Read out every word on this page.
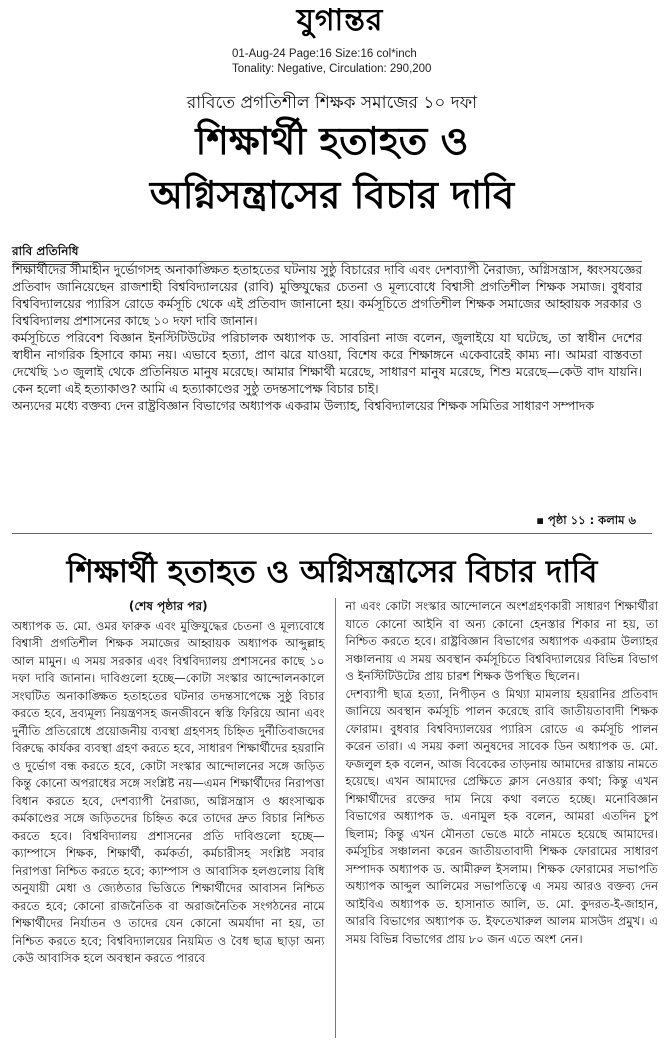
যুগান্তর
01-Aug-24 Page:16 Size:16 col*inch
Tonality: Negative, Circulation: 290,200
রাবিতে প্রগতিশীল শিক্ষক সমাজের ১০ দফা
শিক্ষার্থী হতাহত ও
অগ্নিসন্ত্রাসের বিচার দাবি
রাবি প্রতিনিধি

শিক্ষার্থীদের সীমাহীন দুর্ভোগসহ অনাকাঙ্ক্ষিত হতাহতের ঘটনায় সুষ্ঠু বিচারের দাবি এবং দেশব্যাপী নৈরাজ্য, অগ্নিসন্ত্রাস, ধ্বংসযজ্ঞের প্রতিবাদ জানিয়েছেন রাজশাহী বিশ্ববিদ্যালয়ের (রাবি) মুক্তিযুদ্ধের চেতনা ও মূল্যবোধে বিশ্বাসী প্রগতিশীল শিক্ষক সমাজ। বুধবার বিশ্ববিদ্যালয়ের প্যারিস রোডে কর্মসূচি থেকে এই প্রতিবাদ জানানো হয়। কর্মসূচিতে প্রগতিশীল শিক্ষক সমাজের আহ্বায়ক সরকার ও বিশ্ববিদ্যালয় প্রশাসনের কাছে ১০ দফা দাবি জানান।

কর্মসূচিতে পরিবেশ বিজ্ঞান ইনস্টিটিউটের পরিচালক অধ্যাপক ড. সাবরিনা নাজ বলেন, জুলাইয়ে যা ঘটেছে, তা স্বাধীন দেশের স্বাধীন নাগরিক হিসাবে কাম্য নয়। এভাবে হত্যা, প্রাণ ঝরে যাওয়া, বিশেষ করে শিক্ষাঙ্গনে একেবারেই কাম্য না। আমরা বাস্তবতা দেখেছি ১৩ জুলাই থেকে প্রতিনিয়ত মানুষ মরেছে। আমার শিক্ষার্থী মরেছে, সাধারণ মানুষ মরেছে, শিশু মরেছে—কেউ বাদ যায়নি। কেন হলো এই হত্যাকাণ্ড? আমি এ হত্যাকাণ্ডের সুষ্ঠু তদন্তসাপেক্ষ বিচার চাই।

অন্যদের মধ্যে বক্তব্য দেন রাষ্ট্রবিজ্ঞান বিভাগের অধ্যাপক একরাম উল্যাহ, বিশ্ববিদ্যালয়ের শিক্ষক সমিতির সাধারণ সম্পাদক

▪ পৃষ্ঠা ১১ : কলাম ৬
শিক্ষার্থী হতাহত ও অগ্নিসন্ত্রাসের বিচার দাবি
(শেষ পৃষ্ঠার পর)

অধ্যাপক ড. মো. ওমর ফারুক এবং মুক্তিযুদ্ধের চেতনা ও মূল্যবোধে বিশ্বাসী প্রগতিশীল শিক্ষক সমাজের আহ্বায়ক অধ্যাপক আব্দুল্লাহ আল মামুন। এ সময় সরকার এবং বিশ্ববিদ্যালয় প্রশাসনের কাছে ১০ দফা দাবি জানান। দাবিগুলো হচ্ছে—কোটা সংস্কার আন্দোলনকালে সংঘটিত অনাকাঙ্ক্ষিত হতাহতের ঘটনার তদন্তসাপেক্ষে সুষ্ঠু বিচার করতে হবে, দ্রব্যমূল্য নিয়ন্ত্রণসহ জনজীবনে স্বস্তি ফিরিয়ে আনা এবং দুর্নীতি প্রতিরোধে প্রয়োজনীয় ব্যবস্থা গ্রহণসহ চিহ্নিত দুর্নীতিবাজদের বিরুদ্ধে কার্যকর ব্যবস্থা গ্রহণ করতে হবে, সাধারণ শিক্ষার্থীদের হয়রানি ও দুর্ভোগ বন্ধ করতে হবে, কোটা সংস্কার আন্দোলনের সঙ্গে জড়িত কিন্তু কোনো অপরাধের সঙ্গে সংশ্লিষ্ট নয়—এমন শিক্ষার্থীদের নিরাপত্তা বিধান করতে হবে, দেশব্যাপী নৈরাজ্য, অগ্নিসন্ত্রাস ও ধ্বংসাত্মক কর্মকাণ্ডের সঙ্গে জড়িতদের চিহ্নিত করে তাদের দ্রুত বিচার নিশ্চিত করতে হবে। বিশ্ববিদ্যালয় প্রশাসনের প্রতি দাবিগুলো হচ্ছে—ক্যাম্পাসে শিক্ষক, শিক্ষার্থী, কর্মকর্তা, কর্মচারীসহ সংশ্লিষ্ট সবার নিরাপত্তা নিশ্চিত করতে হবে; ক্যাম্পাস ও আবাসিক হলগুলোয় বিধি অনুযায়ী মেধা ও জ্যেষ্ঠতার ভিত্তিতে শিক্ষার্থীদের আবাসন নিশ্চিত করতে হবে; কোনো রাজনৈতিক বা অরাজনৈতিক সংগঠনের নামে শিক্ষার্থীদের নির্যাতন ও তাদের যেন কোনো অমর্যাদা না হয়, তা নিশ্চিত করতে হবে; বিশ্ববিদ্যালয়ের নিয়মিত ও বৈধ ছাত্র ছাড়া অন্য কেউ আবাসিক হলে অবস্থান করতে পারবে

না এবং কোটা সংস্কার আন্দোলনে অংশগ্রহণকারী সাধারণ শিক্ষার্থীরা যাতে কোনো আইনি বা অন্য কোনো হেনস্তার শিকার না হয়, তা নিশ্চিত করতে হবে। রাষ্ট্রবিজ্ঞান বিভাগের অধ্যাপক একরাম উল্যাহর সঞ্চালনায় এ সময় অবস্থান কর্মসূচিতে বিশ্ববিদ্যালয়ের বিভিন্ন বিভাগ ও ইনস্টিটিউটের প্রায় চারশ শিক্ষক উপস্থিত ছিলেন।

দেশব্যাপী ছাত্র হত্যা, নিপীড়ন ও মিথ্যা মামলায় হয়রানির প্রতিবাদ জানিয়ে অবস্থান কর্মসূচি পালন করেছে রাবি জাতীয়তাবাদী শিক্ষক ফোরাম। বুধবার বিশ্ববিদ্যালয়ের প্যারিস রোডে এ কর্মসূচি পালন করেন তারা। এ সময় কলা অনুষদের সাবেক ডিন অধ্যাপক ড. মো. ফজলুল হক বলেন, আজ বিবেকের তাড়নায় আমাদের রাস্তায় নামতে হয়েছে। এখন আমাদের প্রেক্ষিতে ক্লাস নেওয়ার কথা; কিন্তু এখন শিক্ষার্থীদের রক্তের দাম নিয়ে কথা বলতে হচ্ছে। মনোবিজ্ঞান বিভাগের অধ্যাপক ড. এনামুল হক বলেন, আমরা এতদিন চুপ ছিলাম; কিন্তু এখন মৌনতা ভেঙে মাঠে নামতে হয়েছে আমাদের। কর্মসূচির সঞ্চালনা করেন জাতীয়তাবাদী শিক্ষক ফোরামের সাধারণ সম্পাদক অধ্যাপক ড. আমীরুল ইসলাম। শিক্ষক ফোরামের সভাপতি অধ্যাপক আব্দুল আলিমের সভাপতিত্বে এ সময় আরও বক্তব্য দেন আইবিএ অধ্যাপক ড. হাসানাত আলি, ড. মো. কুদরত-ই-জাহান, আরবি বিভাগের অধ্যাপক ড. ইফতেখারুল আলম মাসউদ প্রমুখ। এ সময় বিভিন্ন বিভাগের প্রায় ৮০ জন এতে অংশ নেন।
